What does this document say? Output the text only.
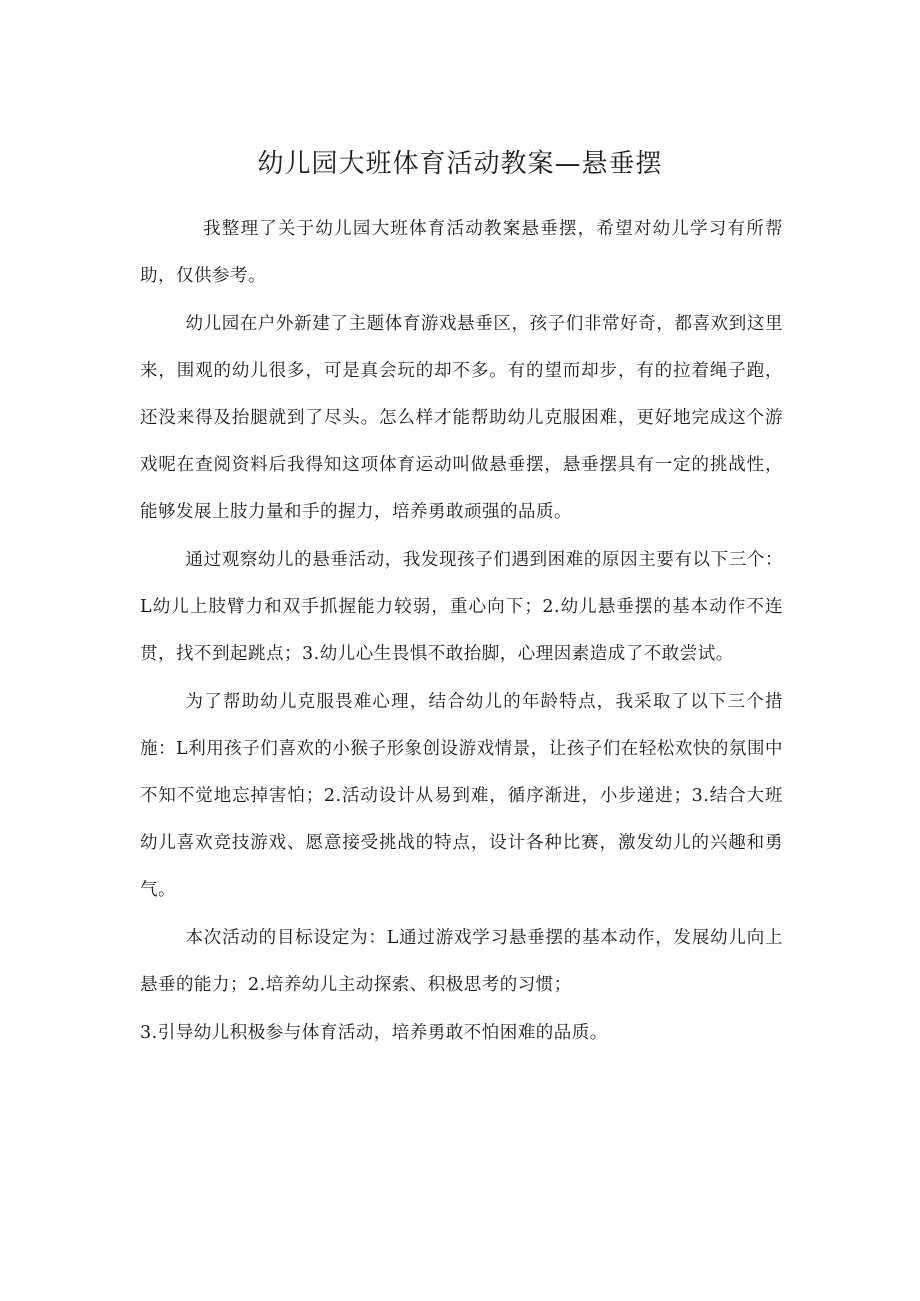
幼儿园大班体育活动教案—悬垂摆

我整理了关于幼儿园大班体育活动教案悬垂摆，希望对幼儿学习有所帮助，仅供参考。

幼儿园在户外新建了主题体育游戏悬垂区，孩子们非常好奇，都喜欢到这里来，围观的幼儿很多，可是真会玩的却不多。有的望而却步，有的拉着绳子跑，还没来得及抬腿就到了尽头。怎么样才能帮助幼儿克服困难，更好地完成这个游戏呢在查阅资料后我得知这项体育运动叫做悬垂摆，悬垂摆具有一定的挑战性，能够发展上肢力量和手的握力，培养勇敢顽强的品质。

通过观察幼儿的悬垂活动，我发现孩子们遇到困难的原因主要有以下三个：L幼儿上肢臂力和双手抓握能力较弱，重心向下；2.幼儿悬垂摆的基本动作不连贯，找不到起跳点；3.幼儿心生畏惧不敢抬脚，心理因素造成了不敢尝试。

为了帮助幼儿克服畏难心理，结合幼儿的年龄特点，我采取了以下三个措施：L利用孩子们喜欢的小猴子形象创设游戏情景，让孩子们在轻松欢快的氛围中不知不觉地忘掉害怕；2.活动设计从易到难，循序渐进，小步递进；3.结合大班幼儿喜欢竞技游戏、愿意接受挑战的特点，设计各种比赛，激发幼儿的兴趣和勇气。

本次活动的目标设定为：L通过游戏学习悬垂摆的基本动作，发展幼儿向上悬垂的能力；2.培养幼儿主动探索、积极思考的习惯；

3.引导幼儿积极参与体育活动，培养勇敢不怕困难的品质。
